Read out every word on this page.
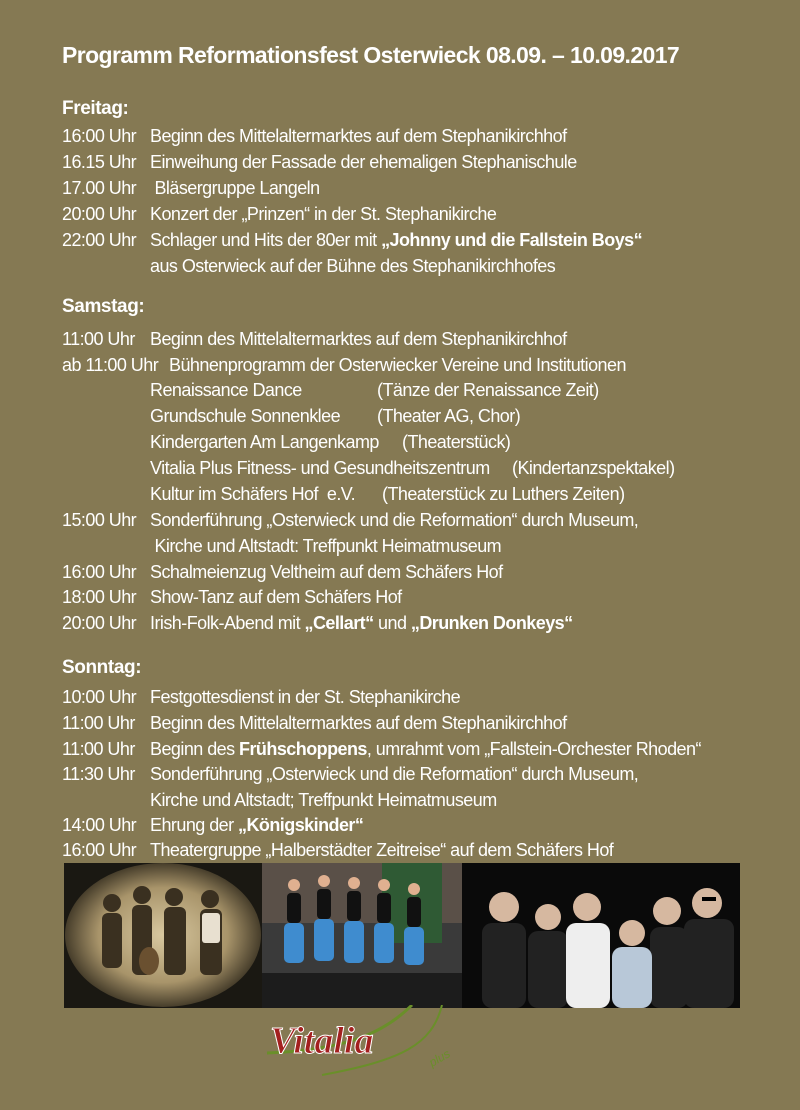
Programm Reformationsfest Osterwieck 08.09. – 10.09.2017
Freitag:
16:00 Uhr Beginn des Mittelaltermarktes auf dem Stephanikirchhof
16.15 Uhr Einweihung der Fassade der ehemaligen Stephanischule
17.00 Uhr Bläsergruppe Langeln
20:00 Uhr Konzert der „Prinzen“ in der St. Stephanikirche
22:00 Uhr Schlager und Hits der 80er mit „Johnny und die Fallstein Boys“
aus Osterwieck auf der Bühne des Stephanikirchhofes
Samstag:
11:00 Uhr Beginn des Mittelaltermarktes auf dem Stephanikirchhof
ab 11:00 Uhr Bühnenprogramm der Osterwiecker Vereine und Institutionen
Renaissance Dance	(Tänze der Renaissance Zeit)
Grundschule Sonnenklee (Theater AG, Chor)
Kindergarten Am Langenkamp (Theaterstück)
Vitalia Plus Fitness- und Gesundheitszentrum (Kindertanzspektakel)
Kultur im Schäfers Hof  e.V. (Theaterstück zu Luthers Zeiten)
15:00 Uhr Sonderführung „Osterwieck und die Reformation“ durch Museum,
Kirche und Altstadt: Treffpunkt Heimatmuseum
16:00 Uhr Schalmeienzug Veltheim auf dem Schäfers Hof
18:00 Uhr Show-Tanz auf dem Schäfers Hof
20:00 Uhr Irish-Folk-Abend mit „Cellart“ und „Drunken Donkeys“
Sonntag:
10:00 Uhr Festgottesdienst in der St. Stephanikirche
11:00 Uhr Beginn des Mittelaltermarktes auf dem Stephanikirchhof
11:00 Uhr Beginn des Frühschoppens, umrahmt vom „Fallstein-Orchester Rhoden“
11:30 Uhr Sonderführung „Osterwieck und die Reformation“ durch Museum,
Kirche und Altstadt; Treffpunkt Heimatmuseum
14:00 Uhr Ehrung der „Königskinder“
16:00 Uhr Theatergruppe „Halberstädter Zeitreise“ auf dem Schäfers Hof
Vitalia	plus
